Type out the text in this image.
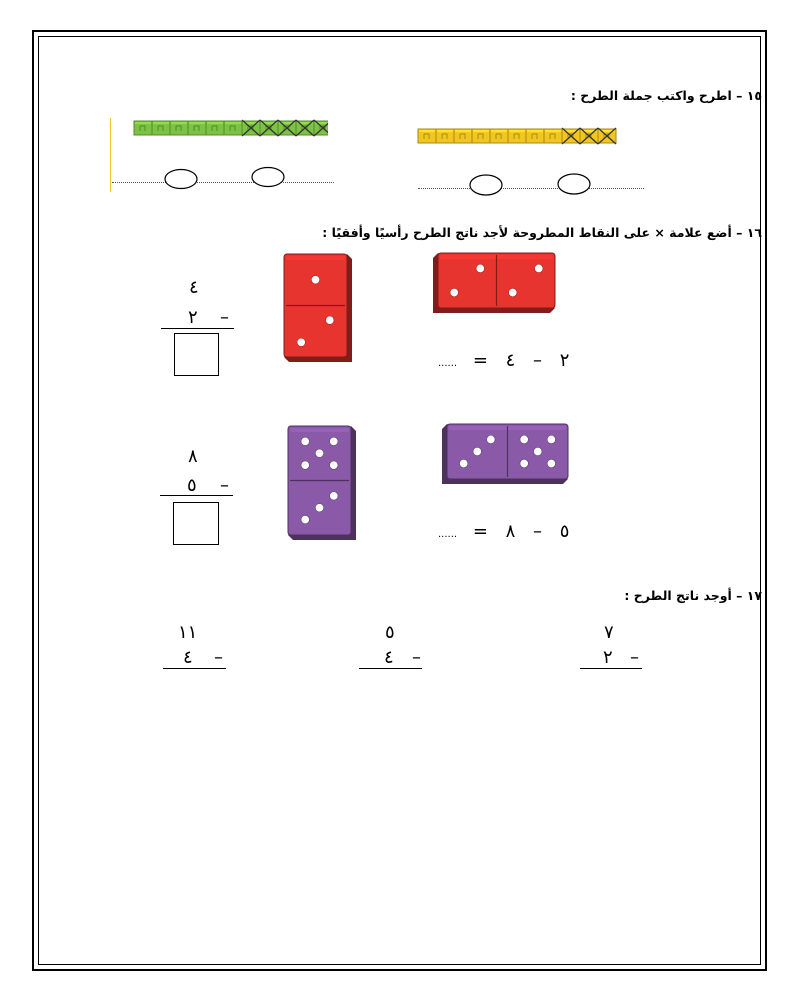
١٥ – اطرح واكتب جملة الطرح :
١٦ – أضع علامة × على النقاط المطروحة لأجد ناتج الطرح رأسيًا وأفقيًا :
٤
٢ –
...... =	٢ – ٤
٨
٥ –
...... =	٥ – ٨
١٧ – أوجد ناتج الطرح :
٧
٢ –
٥
٤ –
١١
٤ –
